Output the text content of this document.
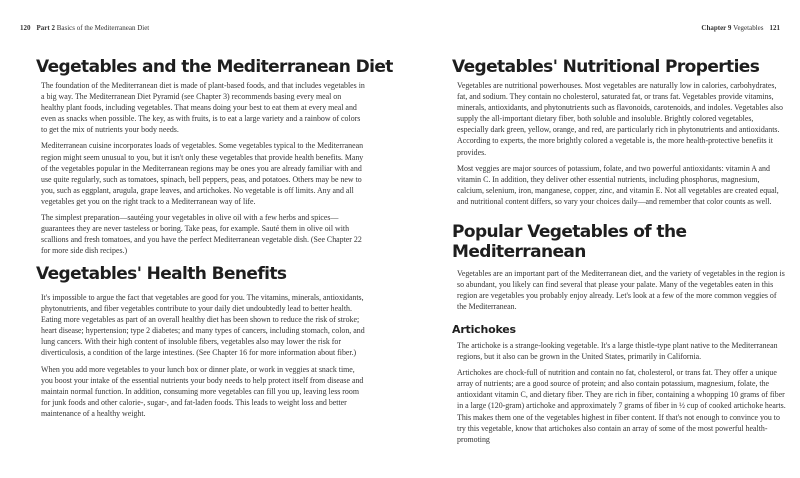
120 Part 2 Basics of the Mediterranean Diet
Vegetables and the Mediterranean Diet

The foundation of the Mediterranean diet is made of plant-based foods, and that includes vegetables in a big way. The Mediterranean Diet Pyramid (see Chapter 3) recommends basing every meal on healthy plant foods, including vegetables. That means doing your best to eat them at every meal and even as snacks when possible. The key, as with fruits, is to eat a large variety and a rainbow of colors to get the mix of nutrients your body needs.

Mediterranean cuisine incorporates loads of vegetables. Some vegetables typical to the Mediterranean region might seem unusual to you, but it isn't only these vegetables that provide health benefits. Many of the vegetables popular in the Mediterranean regions may be ones you are already familiar with and use quite regularly, such as tomatoes, spinach, bell peppers, peas, and potatoes. Others may be new to you, such as eggplant, arugula, grape leaves, and artichokes. No vegetable is off limits. Any and all vegetables get you on the right track to a Mediterranean way of life.

The simplest preparation—sautéing your vegetables in olive oil with a few herbs and spices—guarantees they are never tasteless or boring. Take peas, for example. Sauté them in olive oil with scallions and fresh tomatoes, and you have the perfect Mediterranean vegetable dish. (See Chapter 22 for more side dish recipes.)

Vegetables' Health Benefits

It's impossible to argue the fact that vegetables are good for you. The vitamins, minerals, antioxidants, phytonutrients, and fiber vegetables contribute to your daily diet undoubtedly lead to better health. Eating more vegetables as part of an overall healthy diet has been shown to reduce the risk of stroke; heart disease; hypertension; type 2 diabetes; and many types of cancers, including stomach, colon, and lung cancers. With their high content of insoluble fibers, vegetables also may lower the risk for diverticulosis, a condition of the large intestines. (See Chapter 16 for more information about fiber.)

When you add more vegetables to your lunch box or dinner plate, or work in veggies at snack time, you boost your intake of the essential nutrients your body needs to help protect itself from disease and maintain normal function. In addition, consuming more vegetables can fill you up, leaving less room for junk foods and other calorie-, sugar-, and fat-laden foods. This leads to weight loss and better maintenance of a healthy weight.

Chapter 9 Vegetables 121
Vegetables' Nutritional Properties

Vegetables are nutritional powerhouses. Most vegetables are naturally low in calories, carbohydrates, fat, and sodium. They contain no cholesterol, saturated fat, or trans fat. Vegetables provide vitamins, minerals, antioxidants, and phytonutrients such as flavonoids, carotenoids, and indoles. Vegetables also supply the all-important dietary fiber, both soluble and insoluble. Brightly colored vegetables, especially dark green, yellow, orange, and red, are particularly rich in phytonutrients and antioxidants. According to experts, the more brightly colored a vegetable is, the more health-protective benefits it provides.

Most veggies are major sources of potassium, folate, and two powerful antioxidants: vitamin A and vitamin C. In addition, they deliver other essential nutrients, including phosphorus, magnesium, calcium, selenium, iron, manganese, copper, zinc, and vitamin E. Not all vegetables are created equal, and nutritional content differs, so vary your choices daily—and remember that color counts as well.

Popular Vegetables of the
Mediterranean

Vegetables are an important part of the Mediterranean diet, and the variety of vegetables in the region is so abundant, you likely can find several that please your palate. Many of the vegetables eaten in this region are vegetables you probably enjoy already. Let's look at a few of the more common veggies of the Mediterranean.

Artichokes

The artichoke is a strange-looking vegetable. It's a large thistle-type plant native to the Mediterranean regions, but it also can be grown in the United States, primarily in California.

Artichokes are chock-full of nutrition and contain no fat, cholesterol, or trans fat. They offer a unique array of nutrients; are a good source of protein; and also contain potassium, magnesium, folate, the antioxidant vitamin C, and dietary fiber. They are rich in fiber, containing a whopping 10 grams of fiber in a large (120-gram) artichoke and approximately 7 grams of fiber in ½ cup of cooked artichoke hearts. This makes them one of the vegetables highest in fiber content. If that's not enough to convince you to try this vegetable, know that artichokes also contain an array of some of the most powerful health-promoting
